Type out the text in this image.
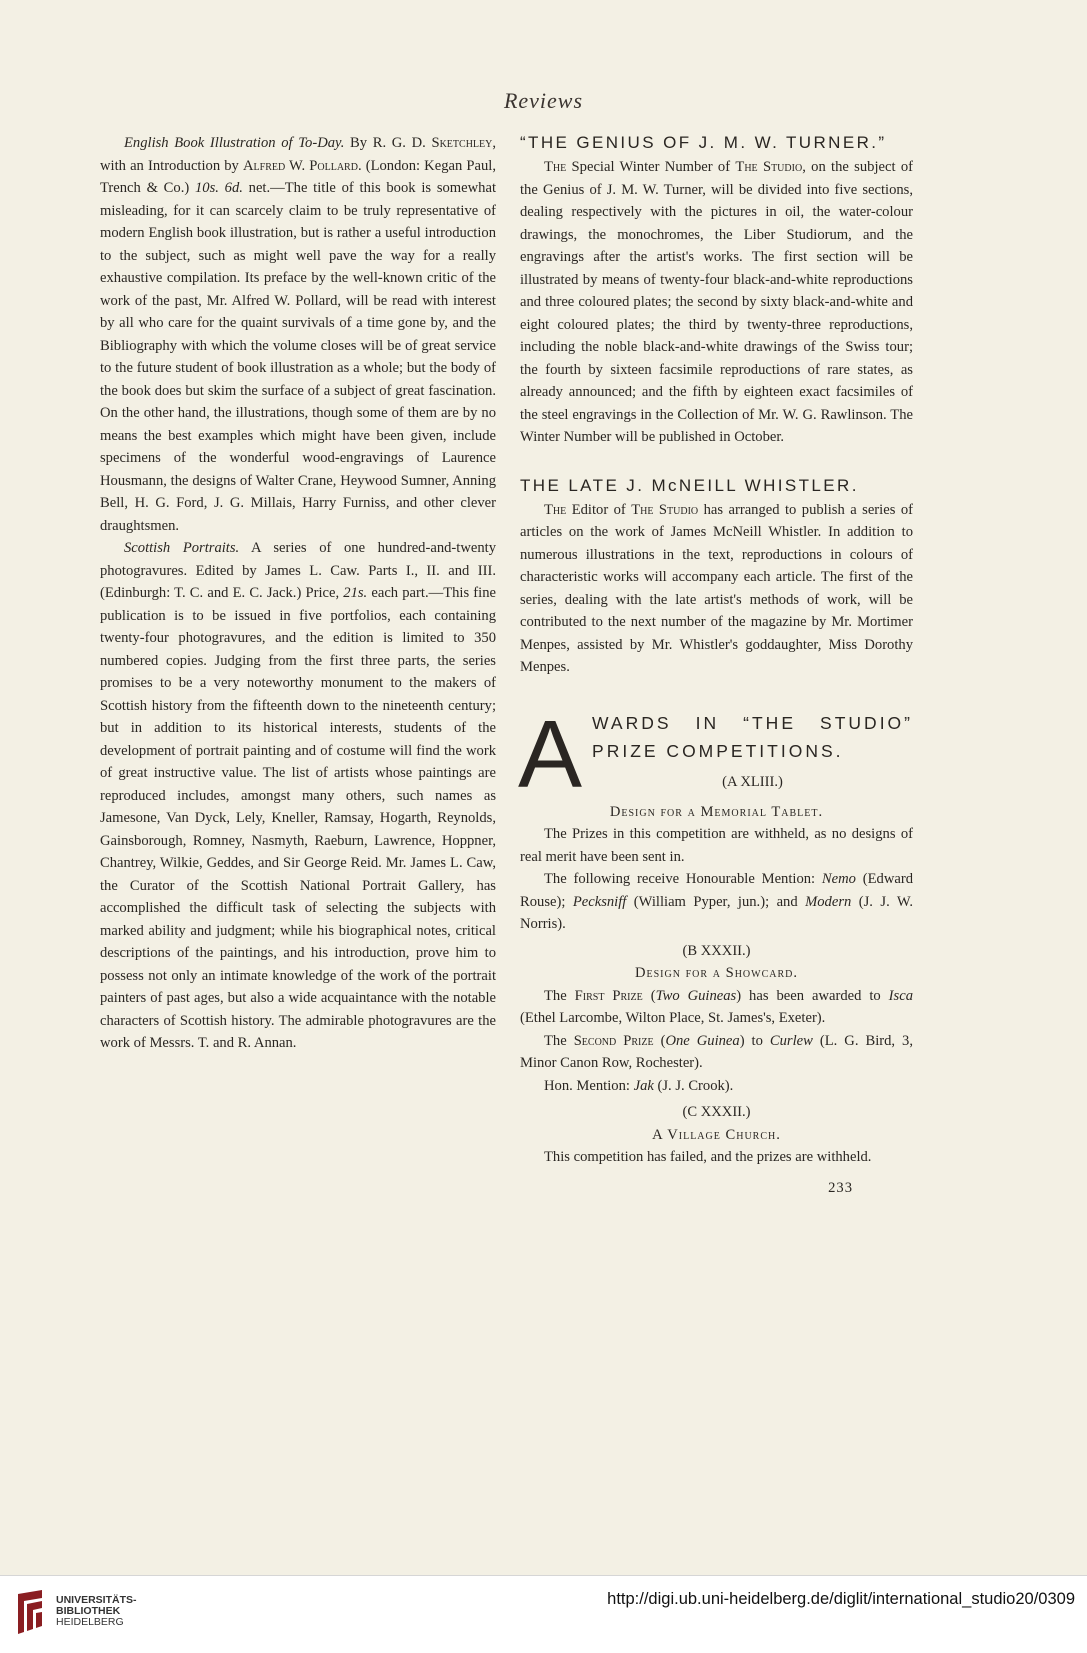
Reviews

English Book Illustration of To-Day. By R. G. D. Sketchley, with an Introduction by Alfred W. Pollard. (London: Kegan Paul, Trench & Co.) 10s. 6d. net.—The title of this book is somewhat misleading, for it can scarcely claim to be truly representative of modern English book illustration, but is rather a useful introduction to the subject, such as might well pave the way for a really exhaustive compilation. Its preface by the well-known critic of the work of the past, Mr. Alfred W. Pollard, will be read with interest by all who care for the quaint survivals of a time gone by, and the Bibliography with which the volume closes will be of great service to the future student of book illustration as a whole; but the body of the book does but skim the surface of a subject of great fascination. On the other hand, the illustrations, though some of them are by no means the best examples which might have been given, include specimens of the wonderful wood-engravings of Laurence Housmann, the designs of Walter Crane, Heywood Sumner, Anning Bell, H. G. Ford, J. G. Millais, Harry Furniss, and other clever draughtsmen.

Scottish Portraits. A series of one hundred-and-twenty photogravures. Edited by James L. Caw. Parts I., II. and III. (Edinburgh: T. C. and E. C. Jack.) Price, 21s. each part.—This fine publication is to be issued in five portfolios, each containing twenty-four photogravures, and the edition is limited to 350 numbered copies. Judging from the first three parts, the series promises to be a very noteworthy monument to the makers of Scottish history from the fifteenth down to the nineteenth century; but in addition to its historical interests, students of the development of portrait painting and of costume will find the work of great instructive value. The list of artists whose paintings are reproduced includes, amongst many others, such names as Jamesone, Van Dyck, Lely, Kneller, Ramsay, Hogarth, Reynolds, Gainsborough, Romney, Nasmyth, Raeburn, Lawrence, Hoppner, Chantrey, Wilkie, Geddes, and Sir George Reid. Mr. James L. Caw, the Curator of the Scottish National Portrait Gallery, has accomplished the difficult task of selecting the subjects with marked ability and judgment; while his biographical notes, critical descriptions of the paintings, and his introduction, prove him to possess not only an intimate knowledge of the work of the portrait painters of past ages, but also a wide acquaintance with the notable characters of Scottish history. The admirable photogravures are the work of Messrs. T. and R. Annan.

“THE GENIUS OF J. M. W. TURNER.”

The Special Winter Number of The Studio, on the subject of the Genius of J. M. W. Turner, will be divided into five sections, dealing respectively with the pictures in oil, the water-colour drawings, the monochromes, the Liber Studiorum, and the engravings after the artist's works. The first section will be illustrated by means of twenty-four black-and-white reproductions and three coloured plates; the second by sixty black-and-white and eight coloured plates; the third by twenty-three reproductions, including the noble black-and-white drawings of the Swiss tour; the fourth by sixteen facsimile reproductions of rare states, as already announced; and the fifth by eighteen exact facsimiles of the steel engravings in the Collection of Mr. W. G. Rawlinson. The Winter Number will be published in October.

THE LATE J. McNEILL WHISTLER.

The Editor of The Studio has arranged to publish a series of articles on the work of James McNeill Whistler. In addition to numerous illustrations in the text, reproductions in colours of characteristic works will accompany each article. The first of the series, dealing with the late artist's methods of work, will be contributed to the next number of the magazine by Mr. Mortimer Menpes, assisted by Mr. Whistler's goddaughter, Miss Dorothy Menpes.

A WARDS IN “THE STUDIO” PRIZE COMPETITIONS.

(A XLIII.)

Design for a Memorial Tablet.

The Prizes in this competition are withheld, as no designs of real merit have been sent in.

The following receive Honourable Mention: Nemo (Edward Rouse); Pecksniff (William Pyper, jun.); and Modern (J. J. W. Norris).

(B XXXII.)

Design for a Showcard.

The First Prize (Two Guineas) has been awarded to Isca (Ethel Larcombe, Wilton Place, St. James's, Exeter).

The Second Prize (One Guinea) to Curlew (L. G. Bird, 3, Minor Canon Row, Rochester).

Hon. Mention: Jak (J. J. Crook).

(C XXXII.)

A Village Church.

This competition has failed, and the prizes are withheld.

233

UNIVERSITÄTS-
BIBLIOTHEK
HEIDELBERG
http://digi.ub.uni-heidelberg.de/diglit/international_studio20/0309
